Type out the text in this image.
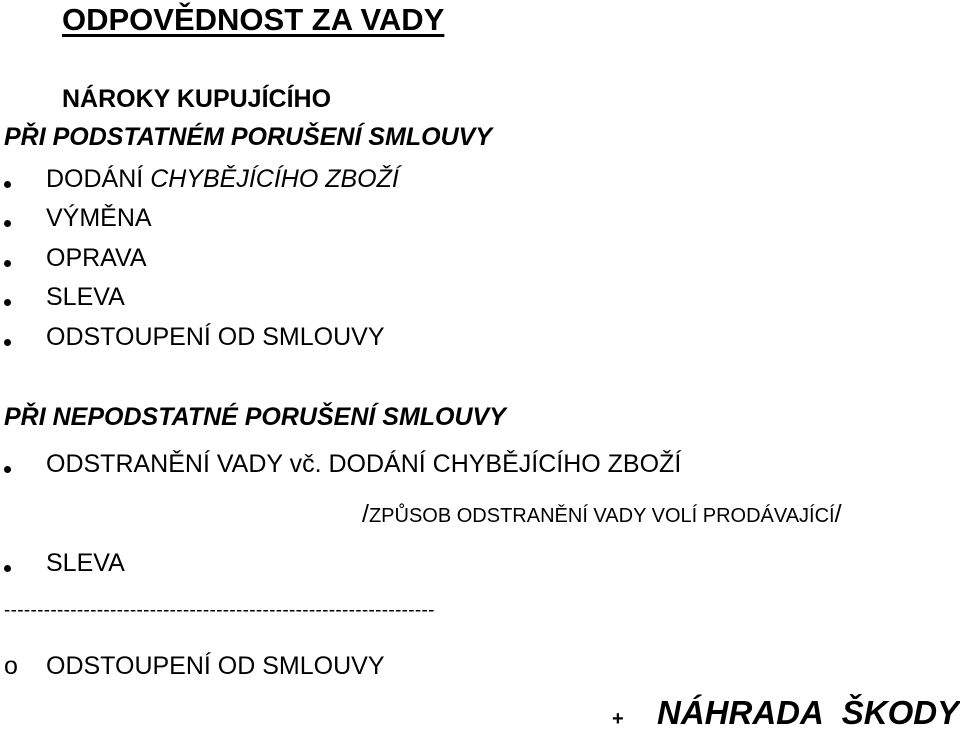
ODPOVĚDNOST ZA VADY
NÁROKY KUPUJÍCÍHO
PŘI PODSTATNÉM PORUŠENÍ SMLOUVY
DODÁNÍ CHYBĚJÍCÍHO ZBOŽÍ
VÝMĚNA
OPRAVA
SLEVA
ODSTOUPENÍ OD SMLOUVY
PŘI NEPODSTATNÉ PORUŠENÍ SMLOUVY
ODSTRANĚNÍ VADY vč. DODÁNÍ CHYBĚJÍCÍHO ZBOŽÍ
/ZPŮSOB ODSTRANĚNÍ VADY VOLÍ PRODÁVAJÍCÍ/
SLEVA
-----------------------------------------------------------------
o ODSTOUPENÍ OD SMLOUVY
+ NÁHRADA ŠKODY
